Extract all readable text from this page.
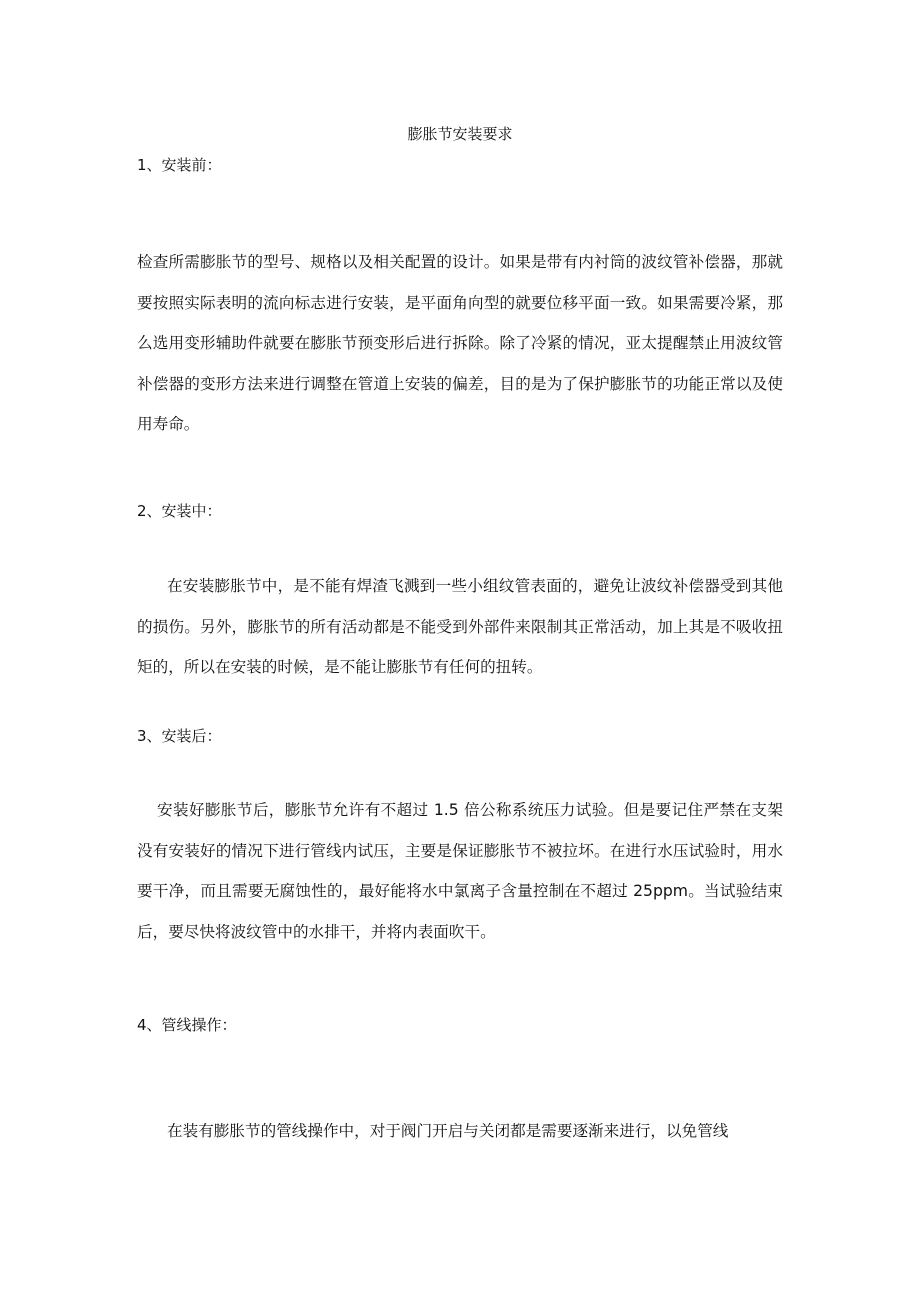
膨胀节安装要求
1、安装前：
检查所需膨胀节的型号、规格以及相关配置的设计。如果是带有内衬筒的波纹管补偿器，那就要按照实际表明的流向标志进行安装，是平面角向型的就要位移平面一致。如果需要冷紧，那么选用变形辅助件就要在膨胀节预变形后进行拆除。除了冷紧的情况，亚太提醒禁止用波纹管补偿器的变形方法来进行调整在管道上安装的偏差，目的是为了保护膨胀节的功能正常以及使用寿命。
2、安装中：
在安装膨胀节中，是不能有焊渣飞溅到一些小组纹管表面的，避免让波纹补偿器受到其他的损伤。另外，膨胀节的所有活动都是不能受到外部件来限制其正常活动，加上其是不吸收扭矩的，所以在安装的时候，是不能让膨胀节有任何的扭转。
3、安装后：
安装好膨胀节后，膨胀节允许有不超过 1.5 倍公称系统压力试验。但是要记住严禁在支架没有安装好的情况下进行管线内试压，主要是保证膨胀节不被拉坏。在进行水压试验时，用水要干净，而且需要无腐蚀性的，最好能将水中氯离子含量控制在不超过 25ppm。当试验结束后，要尽快将波纹管中的水排干，并将内表面吹干。
4、管线操作：
在装有膨胀节的管线操作中，对于阀门开启与关闭都是需要逐渐来进行，以免管线
